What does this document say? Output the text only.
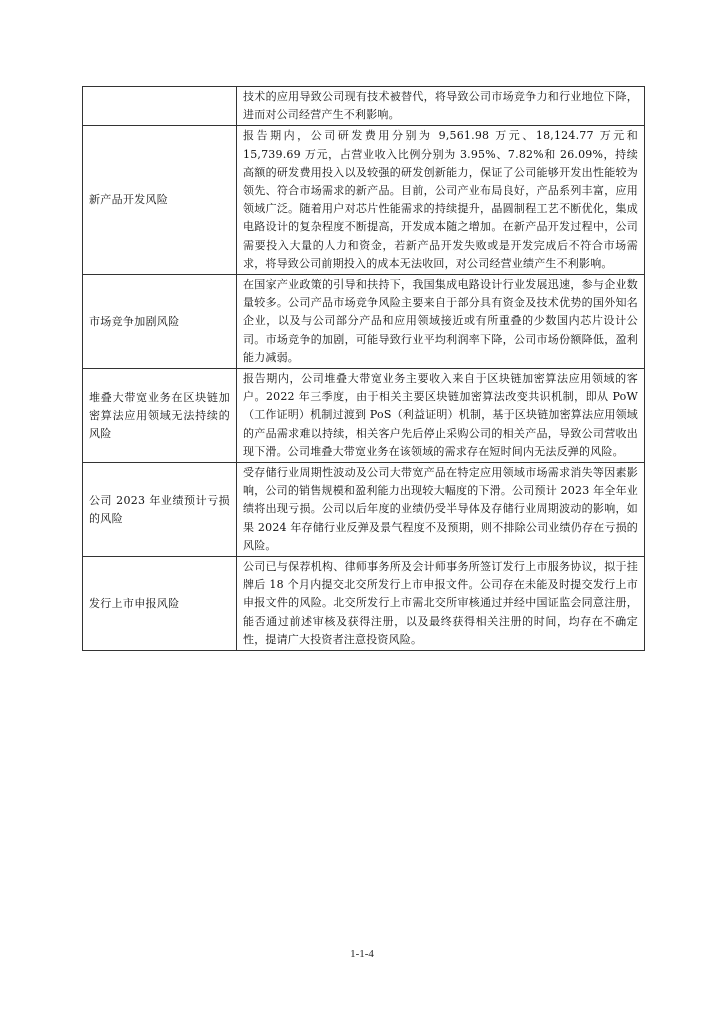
	技术的应用导致公司现有技术被替代，将导致公司市场竞争力和行业地位下降，进而对公司经营产生不利影响。

新产品开发风险	报告期内，公司研发费用分别为 9,561.98 万元、18,124.77 万元和 15,739.69 万元，占营业收入比例分别为 3.95%、7.82%和 26.09%，持续高额的研发费用投入以及较强的研发创新能力，保证了公司能够开发出性能较为领先、符合市场需求的新产品。目前，公司产业布局良好，产品系列丰富，应用领域广泛。随着用户对芯片性能需求的持续提升，晶圆制程工艺不断优化，集成电路设计的复杂程度不断提高，开发成本随之增加。在新产品开发过程中，公司需要投入大量的人力和资金，若新产品开发失败或是开发完成后不符合市场需求，将导致公司前期投入的成本无法收回，对公司经营业绩产生不利影响。

市场竞争加剧风险	在国家产业政策的引导和扶持下，我国集成电路设计行业发展迅速，参与企业数量较多。公司产品市场竞争风险主要来自于部分具有资金及技术优势的国外知名企业，以及与公司部分产品和应用领域接近或有所重叠的少数国内芯片设计公司。市场竞争的加剧，可能导致行业平均利润率下降，公司市场份额降低，盈利能力减弱。

堆叠大带宽业务在区块链加密算法应用领域无法持续的风险	报告期内，公司堆叠大带宽业务主要收入来自于区块链加密算法应用领域的客户。2022 年三季度，由于相关主要区块链加密算法改变共识机制，即从 PoW（工作证明）机制过渡到 PoS（利益证明）机制，基于区块链加密算法应用领域的产品需求难以持续，相关客户先后停止采购公司的相关产品，导致公司营收出现下滑。公司堆叠大带宽业务在该领域的需求存在短时间内无法反弹的风险。

公司 2023 年业绩预计亏损的风险	受存储行业周期性波动及公司大带宽产品在特定应用领域市场需求消失等因素影响，公司的销售规模和盈利能力出现较大幅度的下滑。公司预计 2023 年全年业绩将出现亏损。公司以后年度的业绩仍受半导体及存储行业周期波动的影响，如果 2024 年存储行业反弹及景气程度不及预期，则不排除公司业绩仍存在亏损的风险。

发行上市申报风险	公司已与保荐机构、律师事务所及会计师事务所签订发行上市服务协议，拟于挂牌后 18 个月内提交北交所发行上市申报文件。公司存在未能及时提交发行上市申报文件的风险。北交所发行上市需北交所审核通过并经中国证监会同意注册，能否通过前述审核及获得注册，以及最终获得相关注册的时间，均存在不确定性，提请广大投资者注意投资风险。
1-1-4
